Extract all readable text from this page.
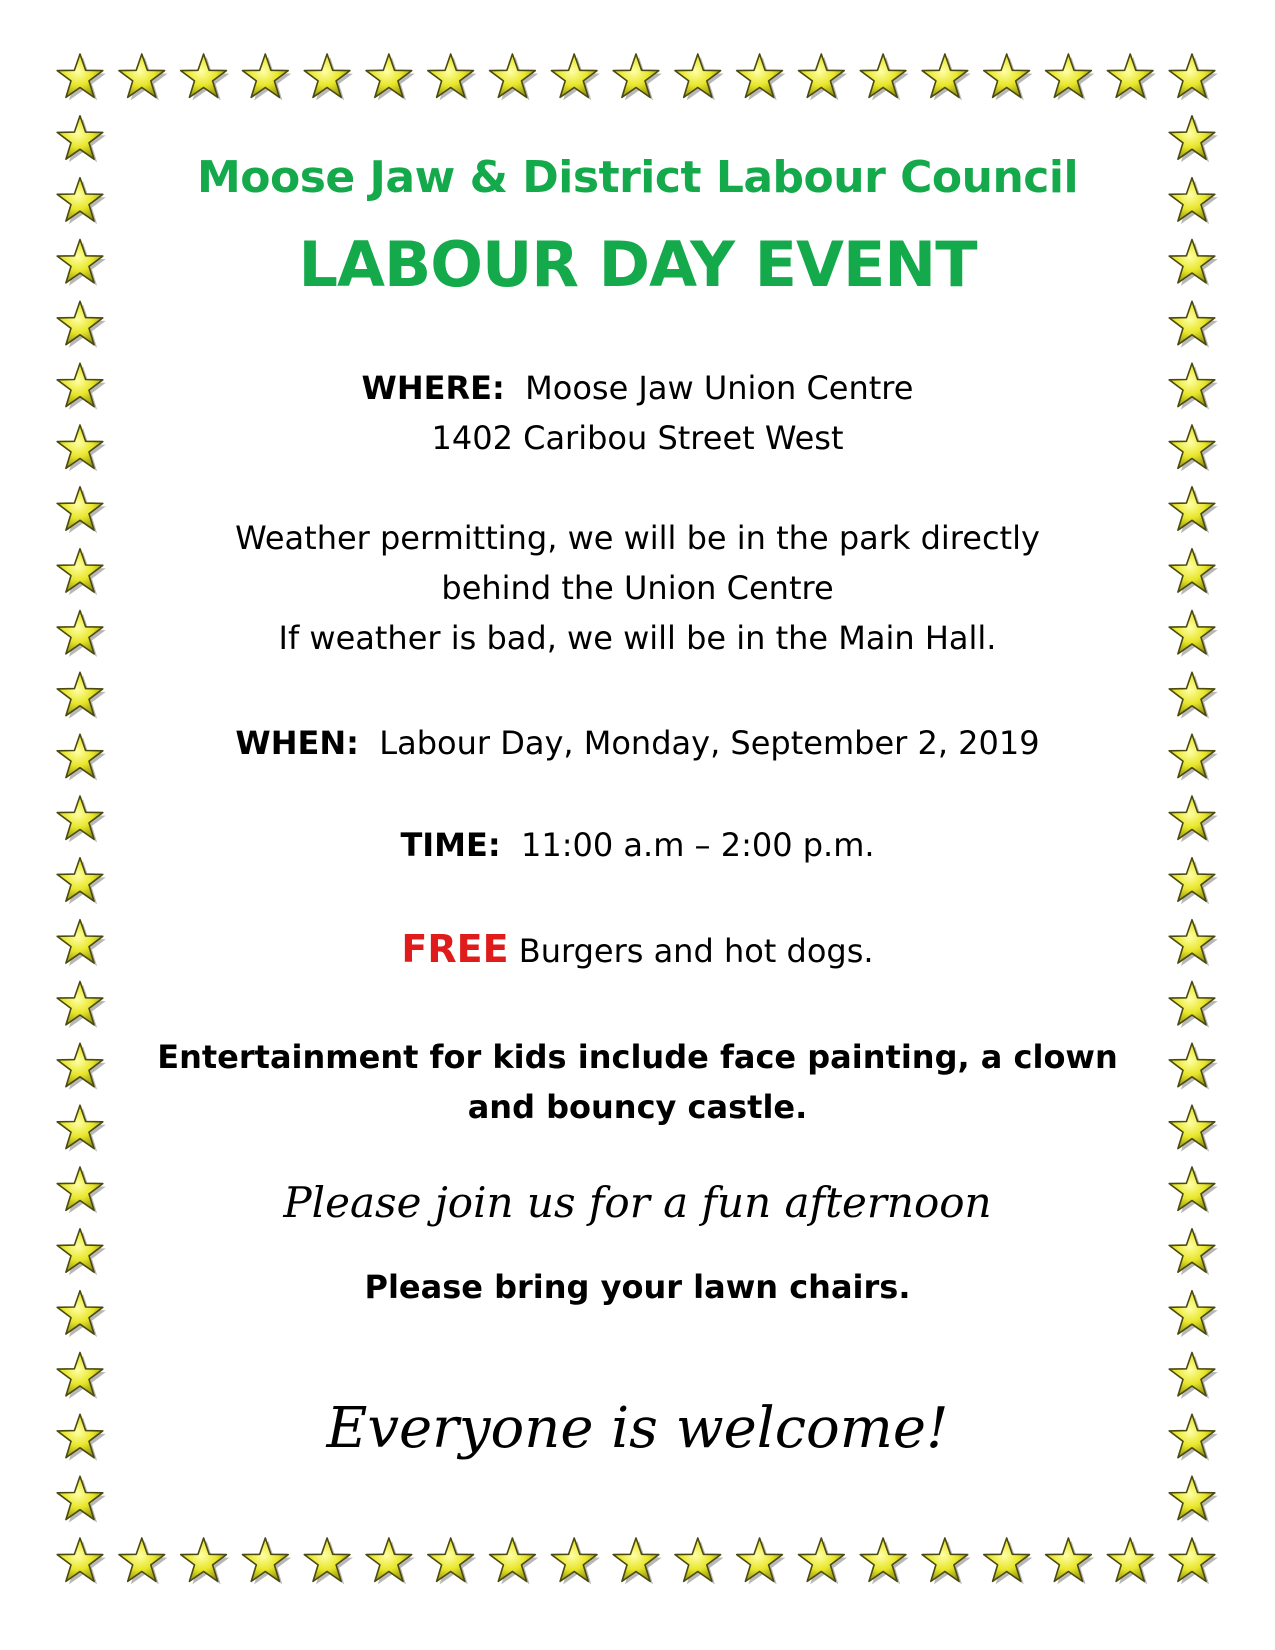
Moose Jaw & District Labour Council
LABOUR DAY EVENT
WHERE: Moose Jaw Union Centre
1402 Caribou Street West
Weather permitting, we will be in the park directly
behind the Union Centre
If weather is bad, we will be in the Main Hall.
WHEN: Labour Day, Monday, September 2, 2019
TIME: 11:00 a.m – 2:00 p.m.
FREE Burgers and hot dogs.
Entertainment for kids include face painting, a clown
and bouncy castle.
Please join us for a fun afternoon
Please bring your lawn chairs.
Everyone is welcome!
